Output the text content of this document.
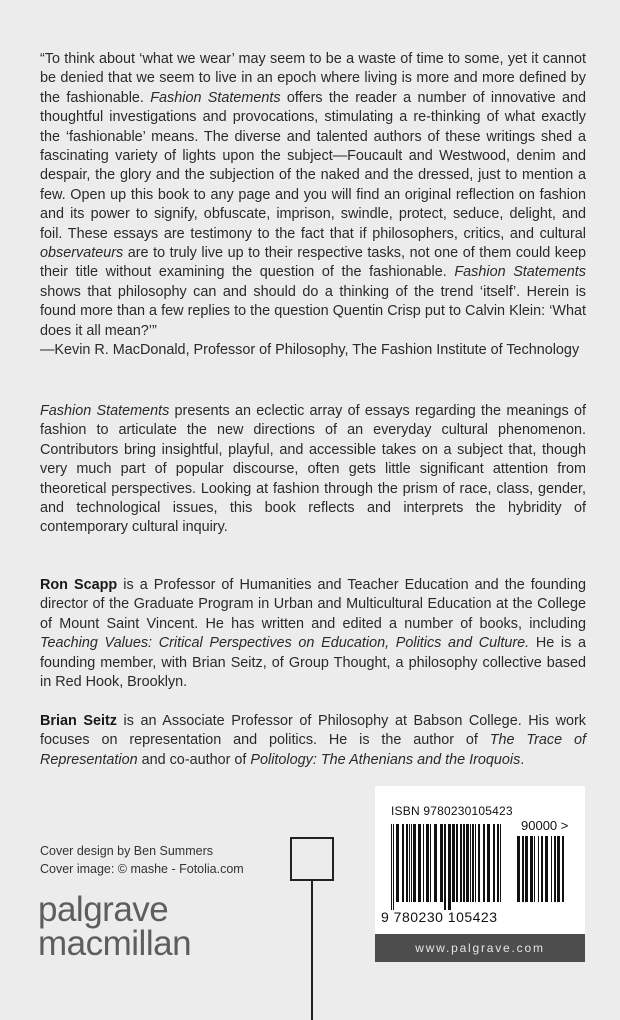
“To think about ‘what we wear’ may seem to be a waste of time to some, yet it cannot be denied that we seem to live in an epoch where living is more and more defined by the fashionable. Fashion Statements offers the reader a number of innovative and thoughtful investigations and provocations, stimulating a re-thinking of what exactly the ‘fashionable’ means. The diverse and talented authors of these writings shed a fascinating variety of lights upon the subject—Foucault and Westwood, denim and despair, the glory and the subjection of the naked and the dressed, just to mention a few. Open up this book to any page and you will find an original reflection on fashion and its power to signify, obfuscate, imprison, swindle, protect, seduce, delight, and foil. These essays are testimony to the fact that if philosophers, critics, and cultural observateurs are to truly live up to their respective tasks, not one of them could keep their title without examining the question of the fashionable. Fashion Statements shows that philosophy can and should do a thinking of the trend ‘itself’. Herein is found more than a few replies to the question Quentin Crisp put to Calvin Klein: ‘What does it all mean?’”
—Kevin R. MacDonald, Professor of Philosophy, The Fashion Institute of Technology

Fashion Statements presents an eclectic array of essays regarding the meanings of fashion to articulate the new directions of an everyday cultural phenomenon. Contributors bring insightful, playful, and accessible takes on a subject that, though very much part of popular discourse, often gets little significant attention from theoretical perspectives. Looking at fashion through the prism of race, class, gender, and technological issues, this book reflects and interprets the hybridity of contemporary cultural inquiry.

Ron Scapp is a Professor of Humanities and Teacher Education and the founding director of the Graduate Program in Urban and Multicultural Education at the College of Mount Saint Vincent. He has written and edited a number of books, including Teaching Values: Critical Perspectives on Education, Politics and Culture. He is a founding member, with Brian Seitz, of Group Thought, a philosophy collective based in Red Hook, Brooklyn.

Brian Seitz is an Associate Professor of Philosophy at Babson College. His work focuses on representation and politics. He is the author of The Trace of Representation and co-author of Politology: The Athenians and the Iroquois.

Cover design by Ben Summers
Cover image: © mashe - Fotolia.com
palgrave
macmillan
ISBN 9780230105423
90000 >
9 780230 105423
www.palgrave.com
